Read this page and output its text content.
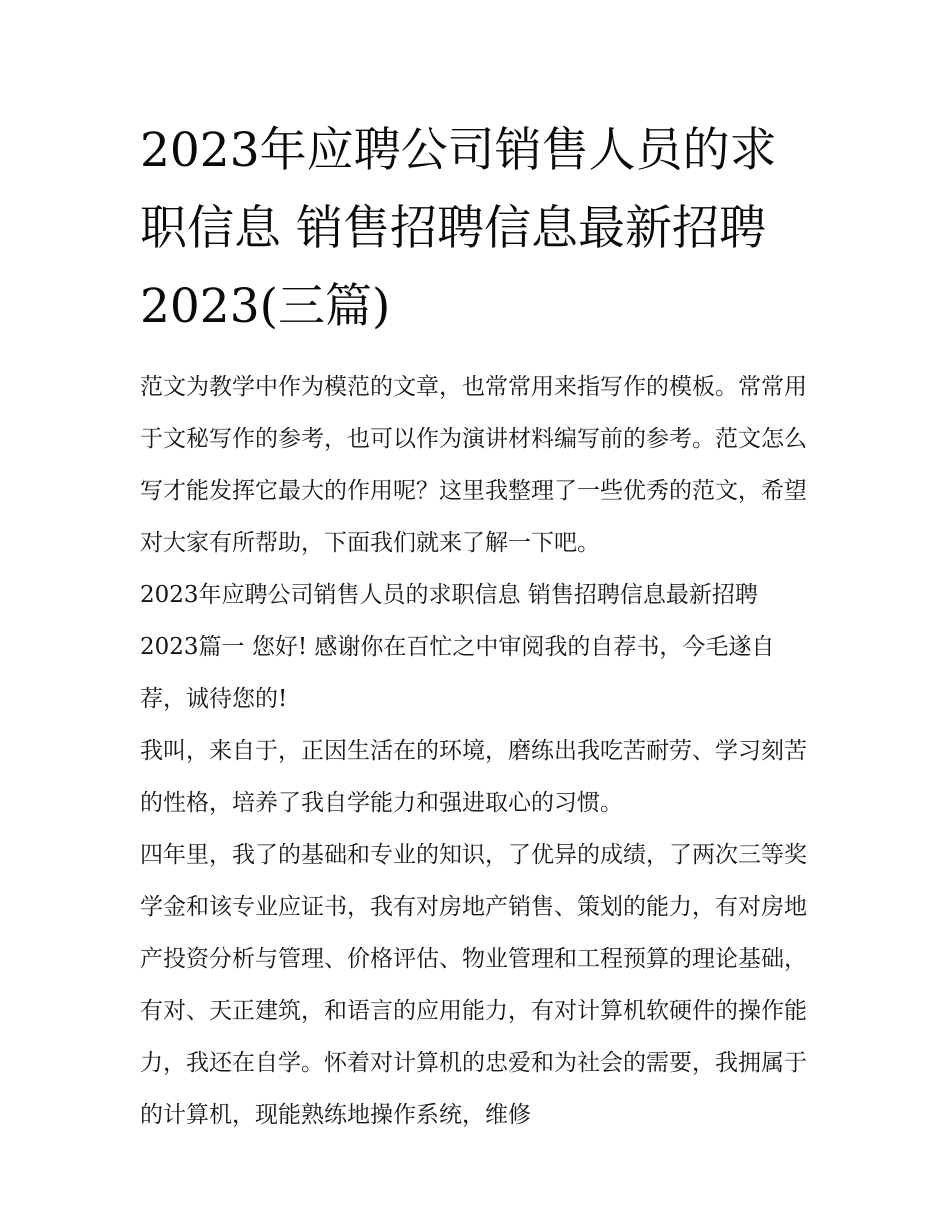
2023年应聘公司销售人员的求职信息 销售招聘信息最新招聘2023(三篇)

范文为教学中作为模范的文章，也常常用来指写作的模板。常常用于文秘写作的参考，也可以作为演讲材料编写前的参考。范文怎么写才能发挥它最大的作用呢？这里我整理了一些优秀的范文，希望对大家有所帮助，下面我们就来了解一下吧。

2023年应聘公司销售人员的求职信息 销售招聘信息最新招聘2023篇一 您好! 感谢你在百忙之中审阅我的自荐书，今毛遂自荐，诚待您的!

我叫，来自于，正因生活在的环境，磨练出我吃苦耐劳、学习刻苦的性格，培养了我自学能力和强进取心的习惯。

四年里，我了的基础和专业的知识，了优异的成绩，了两次三等奖学金和该专业应证书，我有对房地产销售、策划的能力，有对房地产投资分析与管理、价格评估、物业管理和工程预算的理论基础，有对、天正建筑，和语言的应用能力，有对计算机软硬件的操作能力，我还在自学。怀着对计算机的忠爱和为社会的需要，我拥属于的计算机，现能熟练地操作系统，维修
